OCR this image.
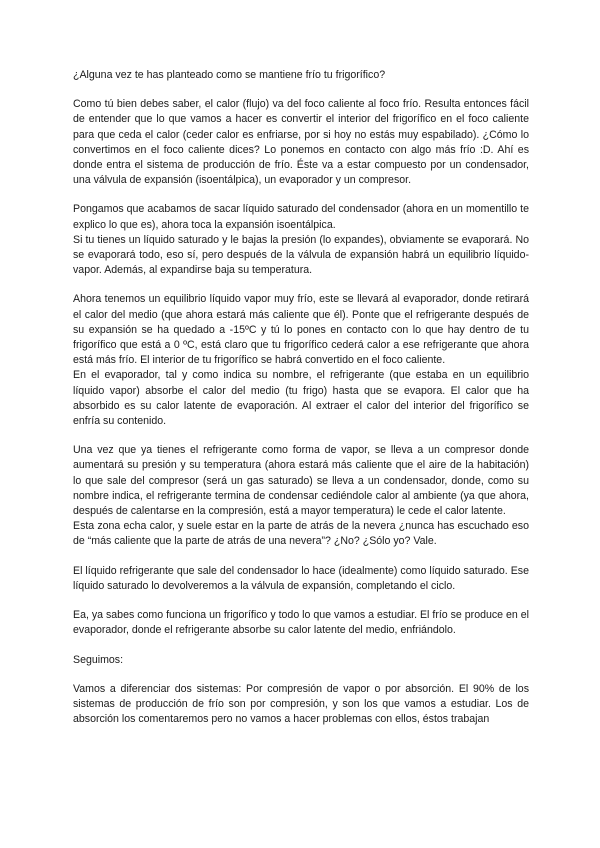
¿Alguna vez te has planteado como se mantiene frío tu frigorífico?

Como tú bien debes saber, el calor (flujo) va del foco caliente al foco frío. Resulta entonces fácil de entender que lo que vamos a hacer es convertir el interior del frigorífico en el foco caliente para que ceda el calor (ceder calor es enfriarse, por si hoy no estás muy espabilado). ¿Cómo lo convertimos en el foco caliente dices? Lo ponemos en contacto con algo más frío :D. Ahí es donde entra el sistema de producción de frío. Éste va a estar compuesto por un condensador, una válvula de expansión (isoentálpica), un evaporador y un compresor.

Pongamos que acabamos de sacar líquido saturado del condensador (ahora en un momentillo te explico lo que es), ahora toca la expansión isoentálpica.

Si tu tienes un líquido saturado y le bajas la presión (lo expandes), obviamente se evaporará. No se evaporará todo, eso sí, pero después de la válvula de expansión habrá un equilibrio líquido-vapor. Además, al expandirse baja su temperatura.

Ahora tenemos un equilibrio líquido vapor muy frío, este se llevará al evaporador, donde retirará el calor del medio (que ahora estará más caliente que él). Ponte que el refrigerante después de su expansión se ha quedado a -15ºC y tú lo pones en contacto con lo que hay dentro de tu frigorífico que está a 0 ºC, está claro que tu frigorífico cederá calor a ese refrigerante que ahora está más frío. El interior de tu frigorífico se habrá convertido en el foco caliente.

En el evaporador, tal y como indica su nombre, el refrigerante (que estaba en un equilibrio líquido vapor) absorbe el calor del medio (tu frigo) hasta que se evapora. El calor que ha absorbido es su calor latente de evaporación. Al extraer el calor del interior del frigorífico se enfría su contenido.

Una vez que ya tienes el refrigerante como forma de vapor, se lleva a un compresor donde aumentará su presión y su temperatura (ahora estará más caliente que el aire de la habitación) lo que sale del compresor (será un gas saturado) se lleva a un condensador, donde, como su nombre indica, el refrigerante termina de condensar cediéndole calor al ambiente (ya que ahora, después de calentarse en la compresión, está a mayor temperatura) le cede el calor latente.

Esta zona echa calor, y suele estar en la parte de atrás de la nevera ¿nunca has escuchado eso de “más caliente que la parte de atrás de una nevera”? ¿No? ¿Sólo yo? Vale.

El líquido refrigerante que sale del condensador lo hace (idealmente) como líquido saturado. Ese líquido saturado lo devolveremos a la válvula de expansión, completando el ciclo.

Ea, ya sabes como funciona un frigorífico y todo lo que vamos a estudiar. El frío se produce en el evaporador, donde el refrigerante absorbe su calor latente del medio, enfriándolo.

Seguimos:

Vamos a diferenciar dos sistemas: Por compresión de vapor o por absorción. El 90% de los sistemas de producción de frío son por compresión, y son los que vamos a estudiar. Los de absorción los comentaremos pero no vamos a hacer problemas con ellos, éstos trabajan
